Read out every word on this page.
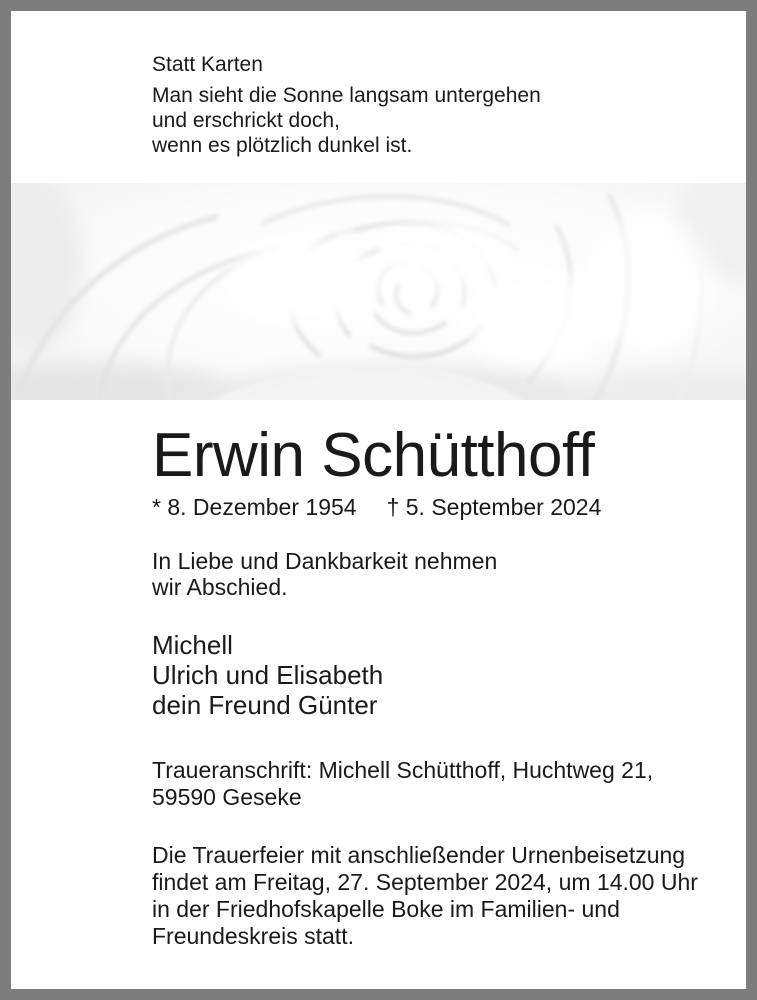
Statt Karten
Man sieht die Sonne langsam untergehen
und erschrickt doch,
wenn es plötzlich dunkel ist.
Erwin Schütthoff
* 8. Dezember 1954 † 5. September 2024
In Liebe und Dankbarkeit nehmen
wir Abschied.
Michell
Ulrich und Elisabeth
dein Freund Günter
Traueranschrift: Michell Schütthoff, Huchtweg 21,
59590 Geseke
Die Trauerfeier mit anschließender Urnenbeisetzung
findet am Freitag, 27. September 2024, um 14.00 Uhr
in der Friedhofskapelle Boke im Familien- und
Freundeskreis statt.
